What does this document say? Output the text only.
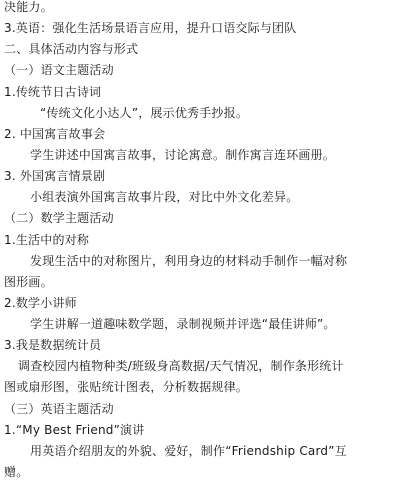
决能力。
3.英语：强化生活场景语言应用，提升口语交际与团队
二、具体活动内容与形式
（一）语文主题活动
1.传统节日古诗词
“传统文化小达人”，展示优秀手抄报。
2. 中国寓言故事会
学生讲述中国寓言故事，讨论寓意。制作寓言连环画册。
3. 外国寓言情景剧
小组表演外国寓言故事片段，对比中外文化差异。
（二）数学主题活动
1.生活中的对称
发现生活中的对称图片，利用身边的材料动手制作一幅对称
图形画。
2.数学小讲师
学生讲解一道趣味数学题，录制视频并评选“最佳讲师”。
3.我是数据统计员
调查校园内植物种类/班级身高数据/天气情况，制作条形统计
图或扇形图，张贴统计图表，分析数据规律。
（三）英语主题活动
1.“My Best Friend”演讲
用英语介绍朋友的外貌、爱好，制作“Friendship Card”互
赠。
